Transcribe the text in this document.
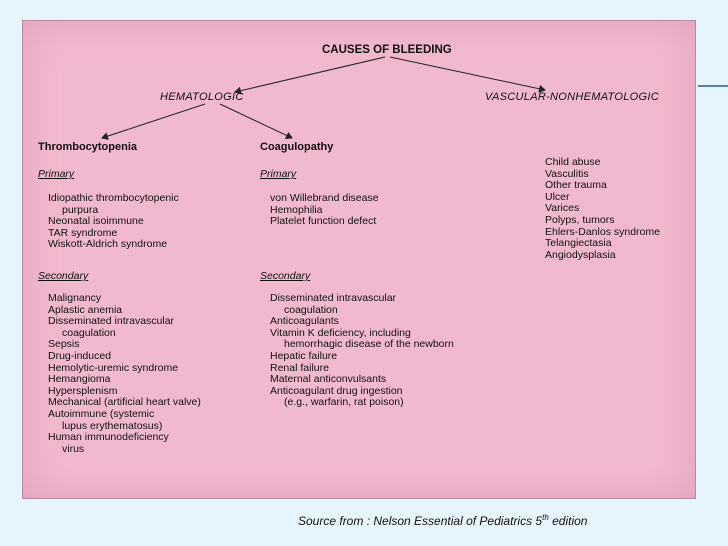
CAUSES OF BLEEDING
HEMATOLOGIC	VASCULAR-NONHEMATOLOGIC
Thrombocytopenia
Primary
Idiopathic thrombocytopenic
purpura
Neonatal isoimmune
TAR syndrome
Wiskott-Aldrich syndrome
Secondary
Malignancy
Aplastic anemia
Disseminated intravascular
coagulation
Sepsis
Drug-induced
Hemolytic-uremic syndrome
Hemangioma
Hypersplenism
Mechanical (artificial heart valve)
Autoimmune (systemic
lupus erythematosus)
Human immunodeficiency
virus
Coagulopathy
Primary
von Willebrand disease
Hemophilia
Platelet function defect
Secondary
Disseminated intravascular
coagulation
Anticoagulants
Vitamin K deficiency, including
hemorrhagic disease of the newborn
Hepatic failure
Renal failure
Maternal anticonvulsants
Anticoagulant drug ingestion
(e.g., warfarin, rat poison)
Child abuse
Vasculitis
Other trauma
Ulcer
Varices
Polyps, tumors
Ehlers-Danlos syndrome
Telangiectasia
Angiodysplasia
Source from : Nelson Essential of Pediatrics 5th edition
